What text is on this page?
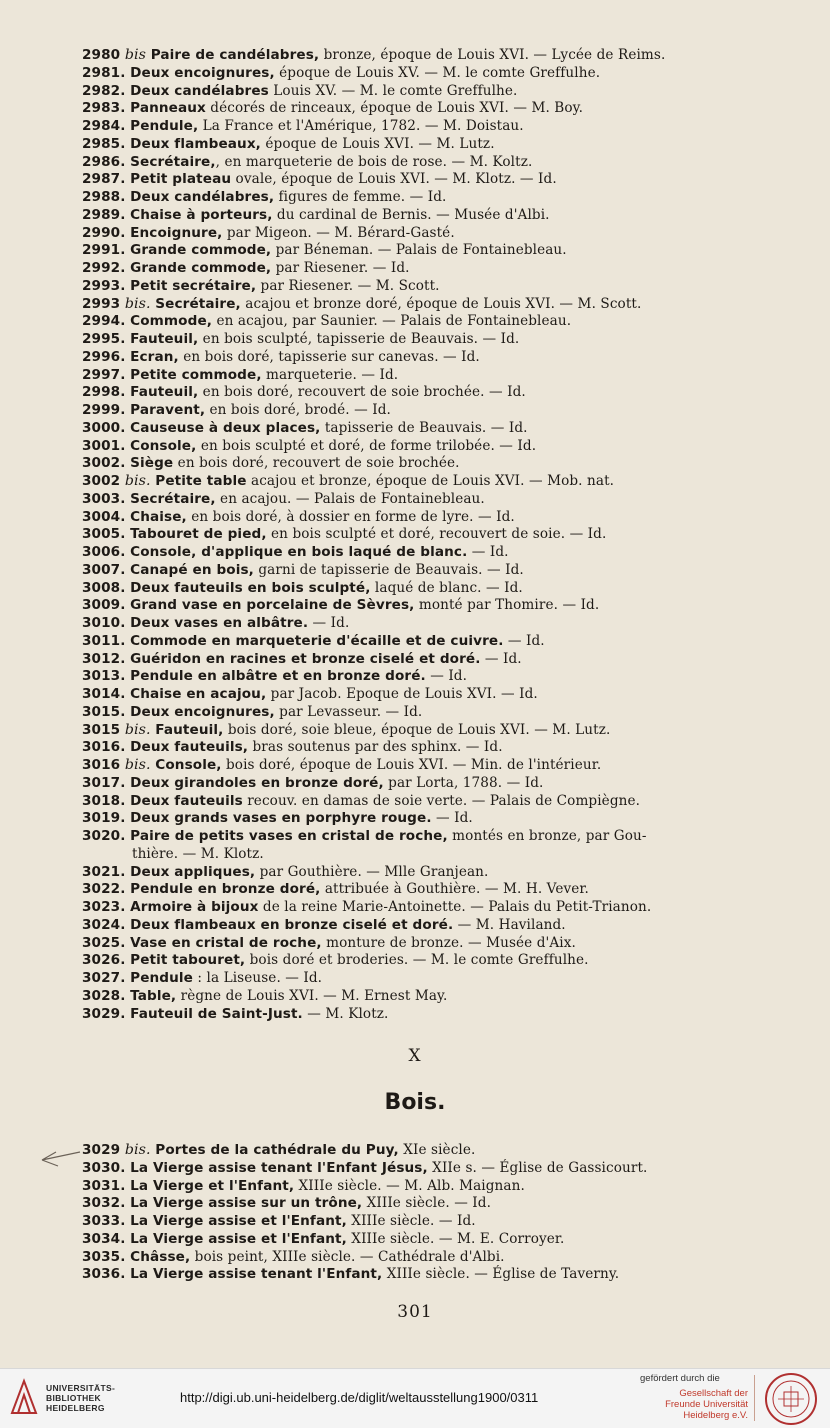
2980 bis Paire de candélabres, bronze, époque de Louis XVI. — Lycée de Reims.
2981. Deux encoignures, époque de Louis XV. — M. le comte Greffulhe.
2982. Deux candélabres Louis XV. — M. le comte Greffulhe.
2983. Panneaux décorés de rinceaux, époque de Louis XVI. — M. Boy.
2984. Pendule, La France et l'Amérique, 1782. — M. Doistau.
2985. Deux flambeaux, époque de Louis XVI. — M. Lutz.
2986. Secrétaire,, en marqueterie de bois de rose. — M. Koltz.
2987. Petit plateau ovale, époque de Louis XVI. — M. Klotz. — Id.
2988. Deux candélabres, figures de femme. — Id.
2989. Chaise à porteurs, du cardinal de Bernis. — Musée d'Albi.
2990. Encoignure, par Migeon. — M. Bérard-Gasté.
2991. Grande commode, par Béneman. — Palais de Fontainebleau.
2992. Grande commode, par Riesener. — Id.
2993. Petit secrétaire, par Riesener. — M. Scott.
2993 bis. Secrétaire, acajou et bronze doré, époque de Louis XVI. — M. Scott.
2994. Commode, en acajou, par Saunier. — Palais de Fontainebleau.
2995. Fauteuil, en bois sculpté, tapisserie de Beauvais. — Id.
2996. Ecran, en bois doré, tapisserie sur canevas. — Id.
2997. Petite commode, marqueterie. — Id.
2998. Fauteuil, en bois doré, recouvert de soie brochée. — Id.
2999. Paravent, en bois doré, brodé. — Id.
3000. Causeuse à deux places, tapisserie de Beauvais. — Id.
3001. Console, en bois sculpté et doré, de forme trilobée. — Id.
3002. Siège en bois doré, recouvert de soie brochée.
3002 bis. Petite table acajou et bronze, époque de Louis XVI. — Mob. nat.
3003. Secrétaire, en acajou. — Palais de Fontainebleau.
3004. Chaise, en bois doré, à dossier en forme de lyre. — Id.
3005. Tabouret de pied, en bois sculpté et doré, recouvert de soie. — Id.
3006. Console, d'applique en bois laqué de blanc. — Id.
3007. Canapé en bois, garni de tapisserie de Beauvais. — Id.
3008. Deux fauteuils en bois sculpté, laqué de blanc. — Id.
3009. Grand vase en porcelaine de Sèvres, monté par Thomire. — Id.
3010. Deux vases en albâtre. — Id.
3011. Commode en marqueterie d'écaille et de cuivre. — Id.
3012. Guéridon en racines et bronze ciselé et doré. — Id.
3013. Pendule en albâtre et en bronze doré. — Id.
3014. Chaise en acajou, par Jacob. Epoque de Louis XVI. — Id.
3015. Deux encoignures, par Levasseur. — Id.
3015 bis. Fauteuil, bois doré, soie bleue, époque de Louis XVI. — M. Lutz.
3016. Deux fauteuils, bras soutenus par des sphinx. — Id.
3016 bis. Console, bois doré, époque de Louis XVI. — Min. de l'intérieur.
3017. Deux girandoles en bronze doré, par Lorta, 1788. — Id.
3018. Deux fauteuils recouv. en damas de soie verte. — Palais de Compiègne.
3019. Deux grands vases en porphyre rouge. — Id.
3020. Paire de petits vases en cristal de roche, montés en bronze, par Gou-
thière. — M. Klotz.
3021. Deux appliques, par Gouthière. — Mlle Granjean.
3022. Pendule en bronze doré, attribuée à Gouthière. — M. H. Vever.
3023. Armoire à bijoux de la reine Marie-Antoinette. — Palais du Petit-Trianon.
3024. Deux flambeaux en bronze ciselé et doré. — M. Haviland.
3025. Vase en cristal de roche, monture de bronze. — Musée d'Aix.
3026. Petit tabouret, bois doré et broderies. — M. le comte Greffulhe.
3027. Pendule : la Liseuse. — Id.
3028. Table, règne de Louis XVI. — M. Ernest May.
3029. Fauteuil de Saint-Just. — M. Klotz.
X
Bois.
3029 bis. Portes de la cathédrale du Puy, XIe siècle.
3030. La Vierge assise tenant l'Enfant Jésus, XIIe s. — Église de Gassicourt.
3031. La Vierge et l'Enfant, XIIIe siècle. — M. Alb. Maignan.
3032. La Vierge assise sur un trône, XIIIe siècle. — Id.
3033. La Vierge assise et l'Enfant, XIIIe siècle. — Id.
3034. La Vierge assise et l'Enfant, XIIIe siècle. — M. E. Corroyer.
3035. Châsse, bois peint, XIIIe siècle. — Cathédrale d'Albi.
3036. La Vierge assise tenant l'Enfant, XIIIe siècle. — Église de Taverny.
301
UNIVERSITÄTS- BIBLIOTHEK HEIDELBERG
http://digi.ub.uni-heidelberg.de/diglit/weltausstellung1900/0311
gefördert durch die
Gesellschaft der Freunde Universität Heidelberg e.V.
